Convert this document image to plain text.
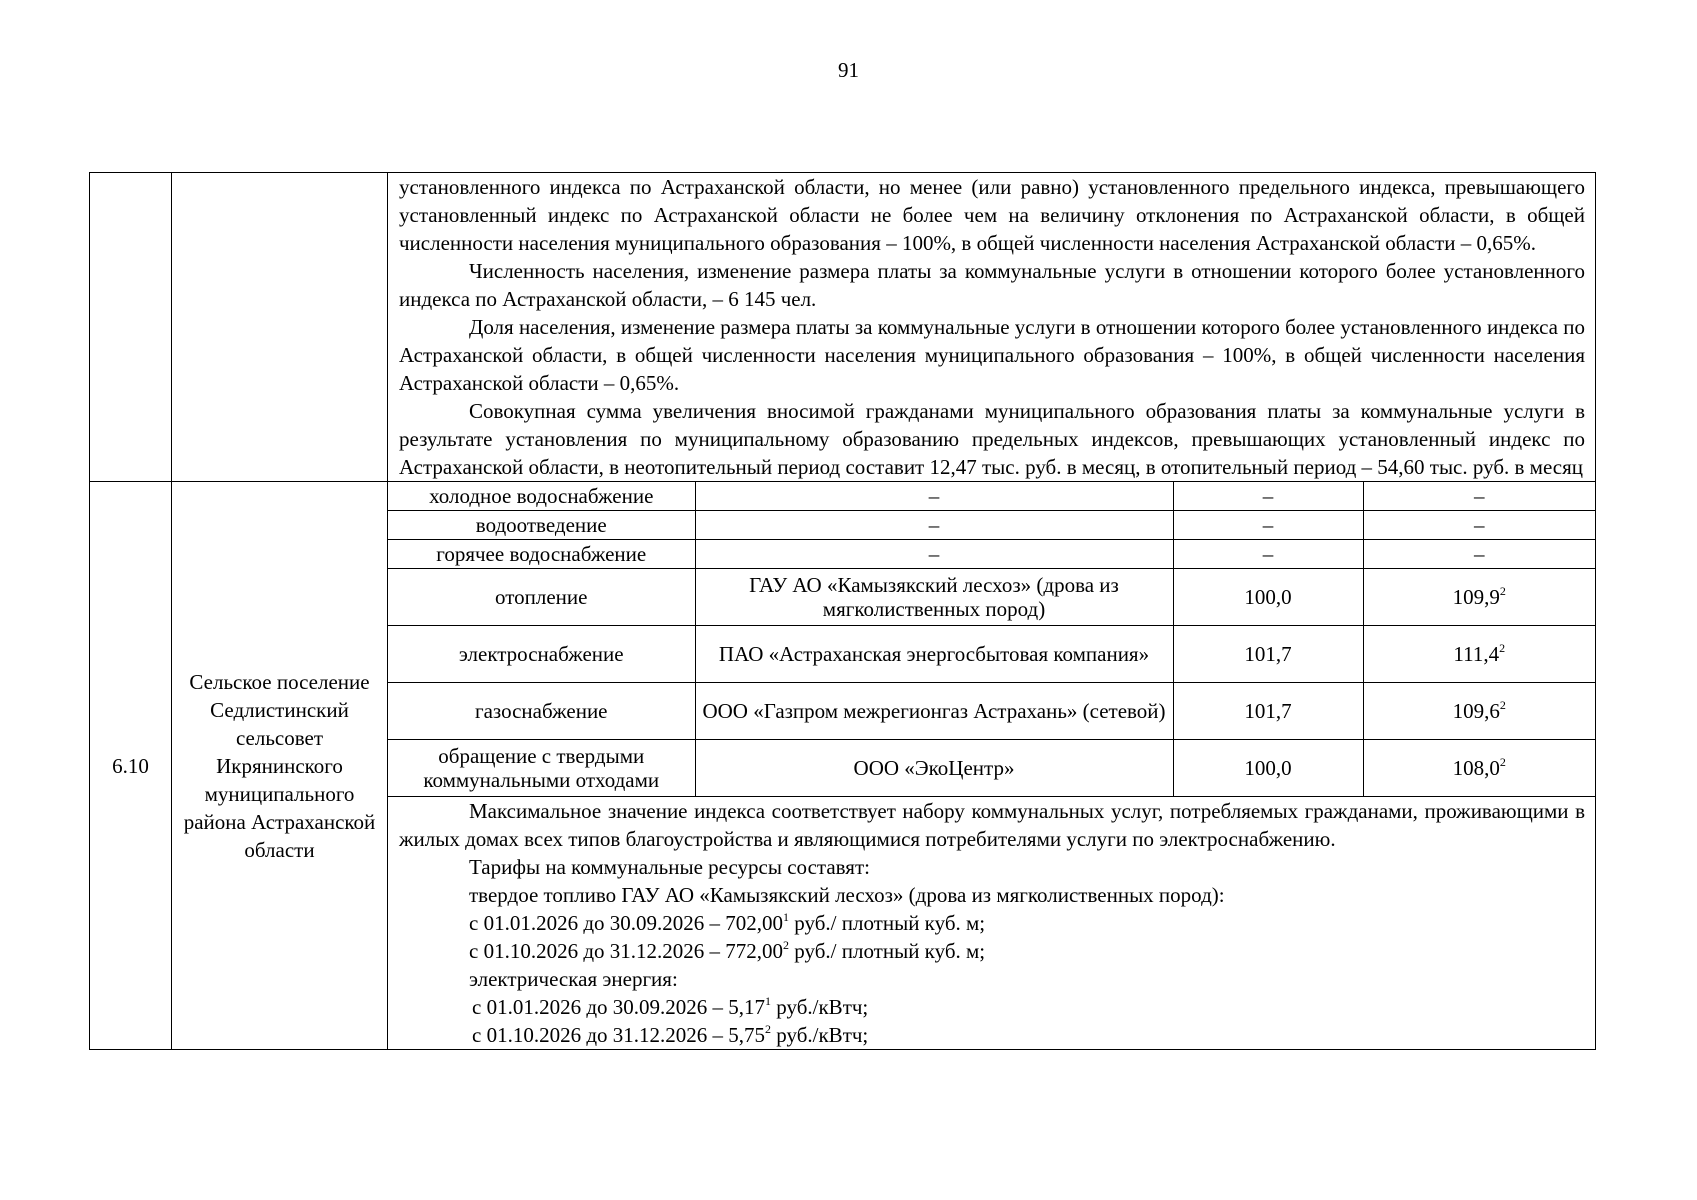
91

установленного индекса по Астраханской области, но менее (или равно) установленного предельного индекса, превышающего установленный индекс по Астраханской области не более чем на величину отклонения по Астраханской области, в общей численности населения муниципального образования – 100%, в общей численности населения Астраханской области – 0,65%.

Численность населения, изменение размера платы за коммунальные услуги в отношении которого более установленного индекса по Астраханской области, – 6 145 чел.

Доля населения, изменение размера платы за коммунальные услуги в отношении которого более установленного индекса по Астраханской области, в общей численности населения муниципального образования – 100%, в общей численности населения Астраханской области – 0,65%.

Совокупная сумма увеличения вносимой гражданами муниципального образования платы за коммунальные услуги в результате установления по муниципальному образованию предельных индексов, превышающих установленный индекс по Астраханской области, в неотопительный период составит 12,47 тыс. руб. в месяц, в отопительный период – 54,60 тыс. руб. в месяц

6.10	Сельское поселение Седлистинский сельсовет Икрянинского муниципального района Астраханской области	
холодное водоснабжение	–	–	–
водоотведение	–	–	–
горячее водоснабжение	–	–	–
отопление	ГАУ АО «Камызякский лесхоз» (дрова из мягколиственных пород)	100,0	109,9$^2$
электроснабжение	ПАО «Астраханская энергосбытовая компания»	101,7	111,4$^2$
газоснабжение	ООО «Газпром межрегионгаз Астрахань» (сетевой)	101,7	109,6$^2$
обращение с твердыми коммунальными отходами	ООО «ЭкоЦентр»	100,0	108,0$^2$

Максимальное значение индекса соответствует набору коммунальных услуг, потребляемых гражданами, проживающими в жилых домах всех типов благоустройства и являющимися потребителями услуги по электроснабжению.

Тарифы на коммунальные ресурсы составят:

твердое топливо ГАУ АО «Камызякский лесхоз» (дрова из мягколиственных пород):

с 01.01.2026 до 30.09.2026 – 702,00$^1$ руб./ плотный куб. м;

с 01.10.2026 до 31.12.2026 – 772,00$^2$ руб./ плотный куб. м;

электрическая энергия:

с 01.01.2026 до 30.09.2026 – 5,17$^1$ руб./кВтч;

с 01.10.2026 до 31.12.2026 – 5,75$^2$ руб./кВтч;
